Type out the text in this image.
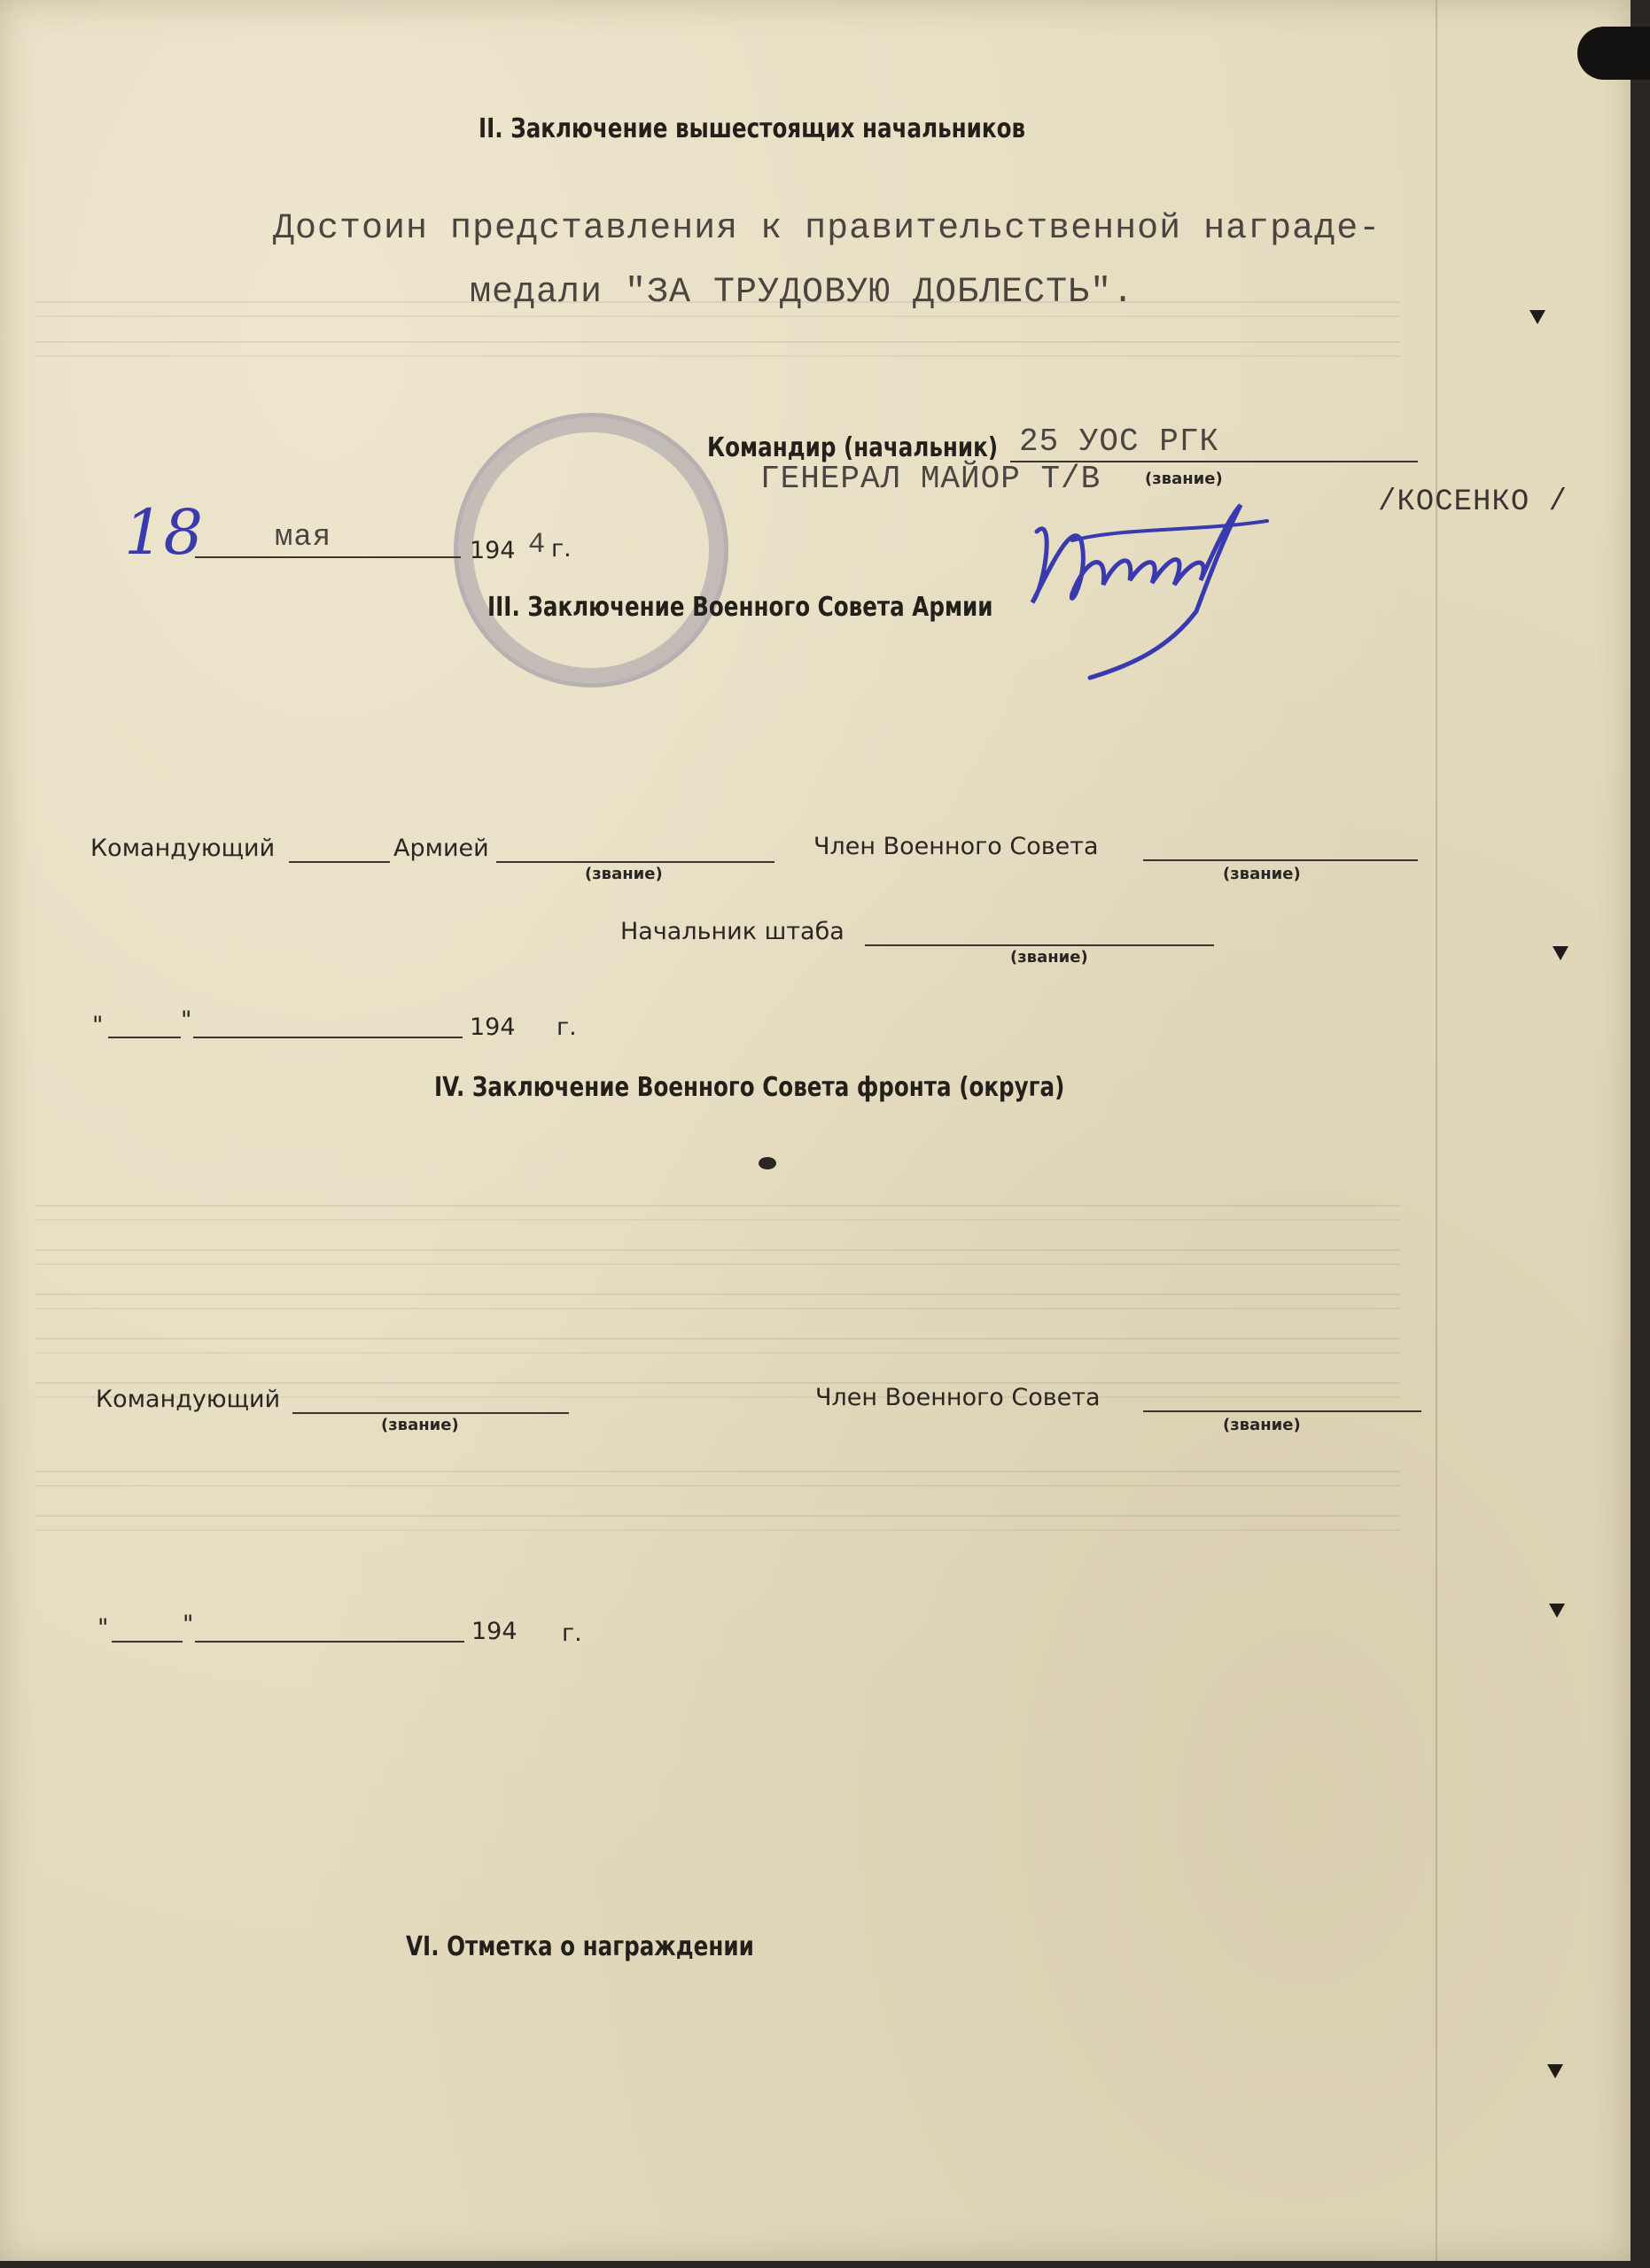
II. Заключение вышестоящих начальников
Достоин представления к правительственной награде-
медали "ЗА ТРУДОВУЮ ДОБЛЕСТЬ".

Командир (начальник) 25 УОС РГК
ГЕНЕРАЛ МАЙОР Т/В	(звание)
/КОСЕНКО /
18 мая	194 4 г.
III. Заключение Военного Совета Армии
Командующий	Армией
(звание)
Член Военного Совета
(звание)
Начальник штаба
(звание)
"	"	194 г.
IV. Заключение Военного Совета фронта (округа)
Командующий
(звание)
Член Военного Совета
(звание)
"	"	194 г.
VI. Отметка о награждении
